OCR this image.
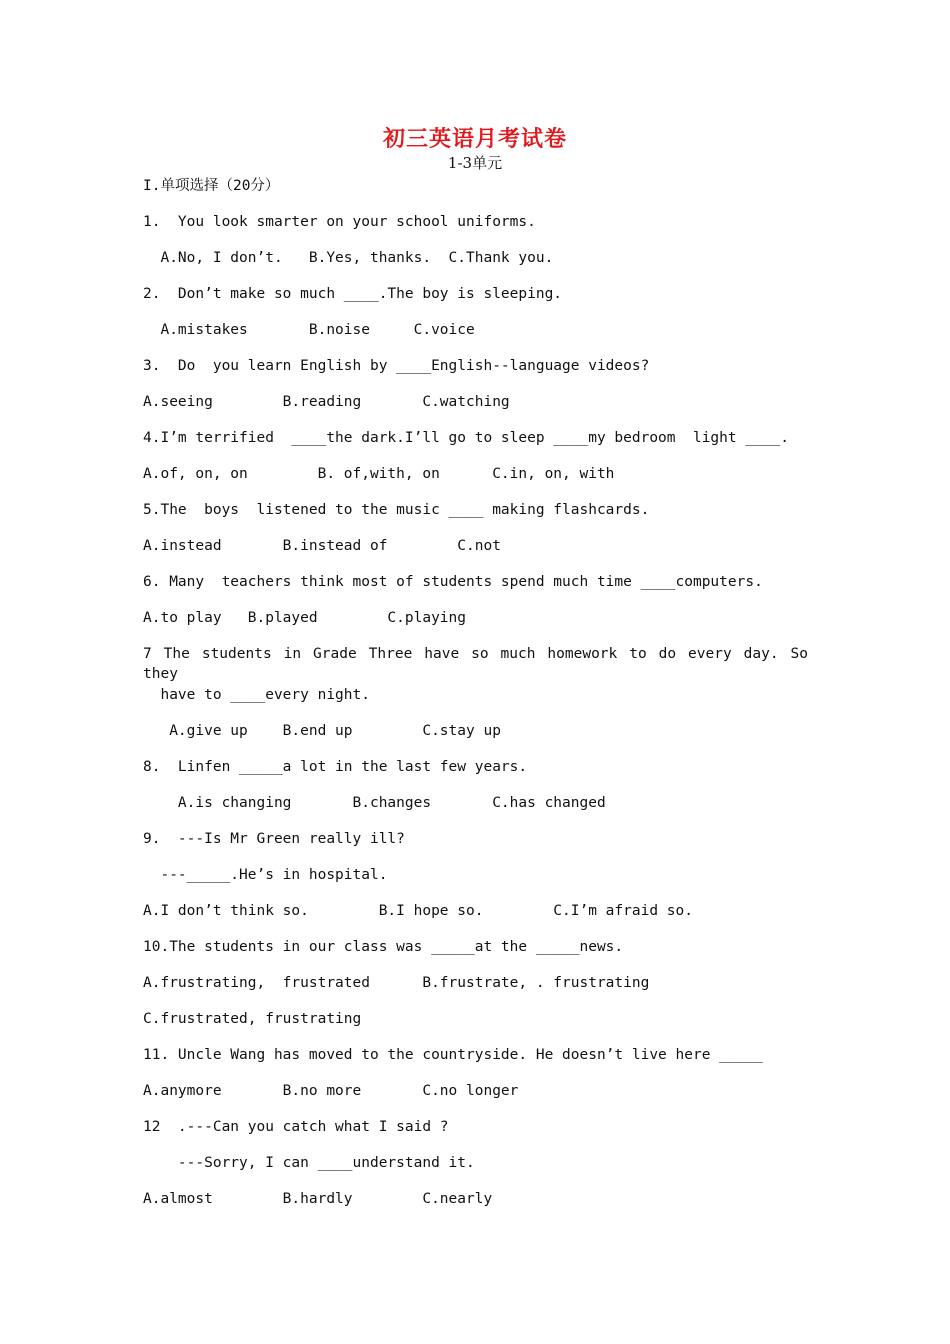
初三英语月考试卷
1-3单元
I.单项选择（20分）
1.  You look smarter on your school uniforms.
A.No, I don’t.   B.Yes, thanks.  C.Thank you.
2.  Don’t make so much ____.The boy is sleeping.
A.mistakes       B.noise     C.voice
3.  Do  you learn English by ____English--language videos?
A.seeing        B.reading       C.watching
4.I’m terrified  ____the dark.I’ll go to sleep ____my bedroom  light ____.
A.of, on, on        B. of,with, on      C.in, on, with
5.The  boys  listened to the music ____ making flashcards.
A.instead       B.instead of        C.not
6. Many  teachers think most of students spend much time ____computers.
A.to play   B.played        C.playing
7 The students in Grade Three have so much homework to do every day. So they
have to ____every night.
A.give up    B.end up        C.stay up
8.  Linfen _____a lot in the last few years.
A.is changing       B.changes       C.has changed
9.  ---Is Mr Green really ill?
---_____.He’s in hospital.
A.I don’t think so.        B.I hope so.        C.I’m afraid so.
10.The students in our class was _____at the _____news.
A.frustrating,  frustrated      B.frustrate, . frustrating
C.frustrated, frustrating
11. Uncle Wang has moved to the countryside. He doesn’t live here _____
A.anymore       B.no more       C.no longer
12  .---Can you catch what I said ?
---Sorry, I can ____understand it.
A.almost        B.hardly        C.nearly
